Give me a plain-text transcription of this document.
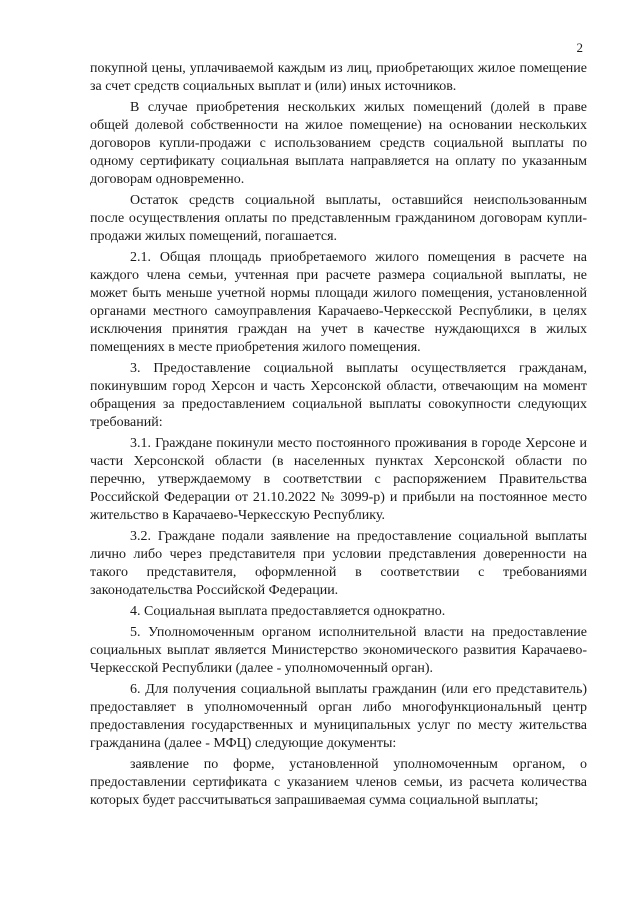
2

покупной цены, уплачиваемой каждым из лиц, приобретающих жилое помещение за счет средств социальных выплат и (или) иных источников.

В случае приобретения нескольких жилых помещений (долей в праве общей долевой собственности на жилое помещение) на основании нескольких договоров купли-продажи с использованием средств социальной выплаты по одному сертификату социальная выплата направляется на оплату по указанным договорам одновременно.

Остаток средств социальной выплаты, оставшийся неиспользованным после осуществления оплаты по представленным гражданином договорам купли-продажи жилых помещений, погашается.

2.1. Общая площадь приобретаемого жилого помещения в расчете на каждого члена семьи, учтенная при расчете размера социальной выплаты, не может быть меньше учетной нормы площади жилого помещения, установленной органами местного самоуправления Карачаево-Черкесской Республики, в целях исключения принятия граждан на учет в качестве нуждающихся в жилых помещениях в месте приобретения жилого помещения.

3. Предоставление социальной выплаты осуществляется гражданам, покинувшим город Херсон и часть Херсонской области, отвечающим на момент обращения за предоставлением социальной выплаты совокупности следующих требований:

3.1. Граждане покинули место постоянного проживания в городе Херсоне и части Херсонской области (в населенных пунктах Херсонской области по перечню, утверждаемому в соответствии с распоряжением Правительства Российской Федерации от 21.10.2022 № 3099-р) и прибыли на постоянное место жительство в Карачаево-Черкесскую Республику.

3.2. Граждане подали заявление на предоставление социальной выплаты лично либо через представителя при условии представления доверенности на такого представителя, оформленной в соответствии с требованиями законодательства Российской Федерации.

4. Социальная выплата предоставляется однократно.

5. Уполномоченным органом исполнительной власти на предоставление социальных выплат является Министерство экономического развития Карачаево-Черкесской Республики (далее - уполномоченный орган).

6. Для получения социальной выплаты гражданин (или его представитель) предоставляет в уполномоченный орган либо многофункциональный центр предоставления государственных и муниципальных услуг по месту жительства гражданина (далее - МФЦ) следующие документы:

заявление по форме, установленной уполномоченным органом, о предоставлении сертификата с указанием членов семьи, из расчета количества которых будет рассчитываться запрашиваемая сумма социальной выплаты;
